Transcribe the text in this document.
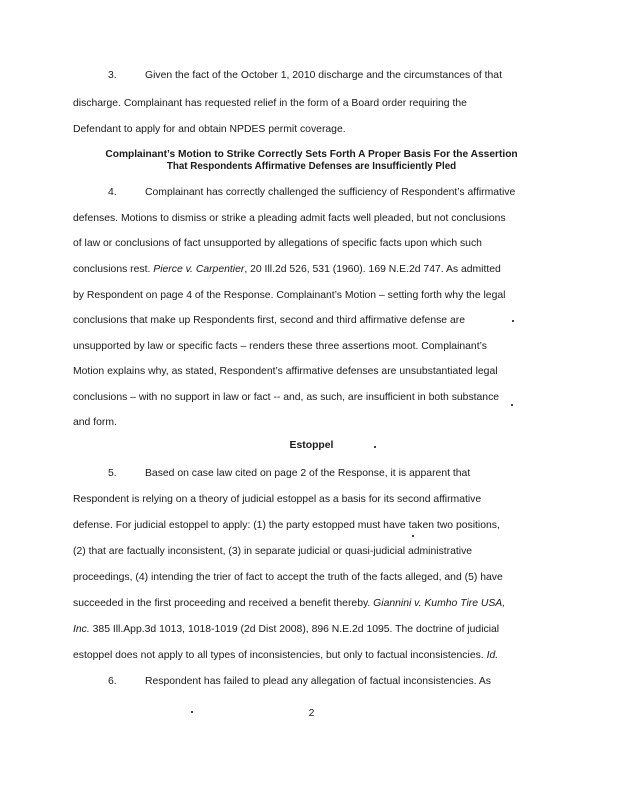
3.	Given the fact of the October 1, 2010 discharge and the circumstances of that
discharge. Complainant has requested relief in the form of a Board order requiring the
Defendant to apply for and obtain NPDES permit coverage.
Complainant’s Motion to Strike Correctly Sets Forth A Proper Basis For the Assertion
That Respondents Affirmative Defenses are Insufficiently Pled
4.	Complainant has correctly challenged the sufficiency of Respondent’s affirmative
defenses. Motions to dismiss or strike a pleading admit facts well pleaded, but not conclusions
of law or conclusions of fact unsupported by allegations of specific facts upon which such
conclusions rest. Pierce v. Carpentier, 20 Ill.2d 526, 531 (1960). 169 N.E.2d 747. As admitted
by Respondent on page 4 of the Response. Complainant’s Motion – setting forth why the legal
conclusions that make up Respondents first, second and third affirmative defense are
unsupported by law or specific facts – renders these three assertions moot. Complainant’s
Motion explains why, as stated, Respondent’s affirmative defenses are unsubstantiated legal
conclusions – with no support in law or fact -- and, as such, are insufficient in both substance
and form.
Estoppel
5.	Based on case law cited on page 2 of the Response, it is apparent that
Respondent is relying on a theory of judicial estoppel as a basis for its second affirmative
defense. For judicial estoppel to apply: (1) the party estopped must have taken two positions,
(2) that are factually inconsistent, (3) in separate judicial or quasi-judicial administrative
proceedings, (4) intending the trier of fact to accept the truth of the facts alleged, and (5) have
succeeded in the first proceeding and received a benefit thereby. Giannini v. Kumho Tire USA,
Inc. 385 Ill.App.3d 1013, 1018-1019 (2d Dist 2008), 896 N.E.2d 1095. The doctrine of judicial
estoppel does not apply to all types of inconsistencies, but only to factual inconsistencies. Id.
6.	Respondent has failed to plead any allegation of factual inconsistencies. As
2
